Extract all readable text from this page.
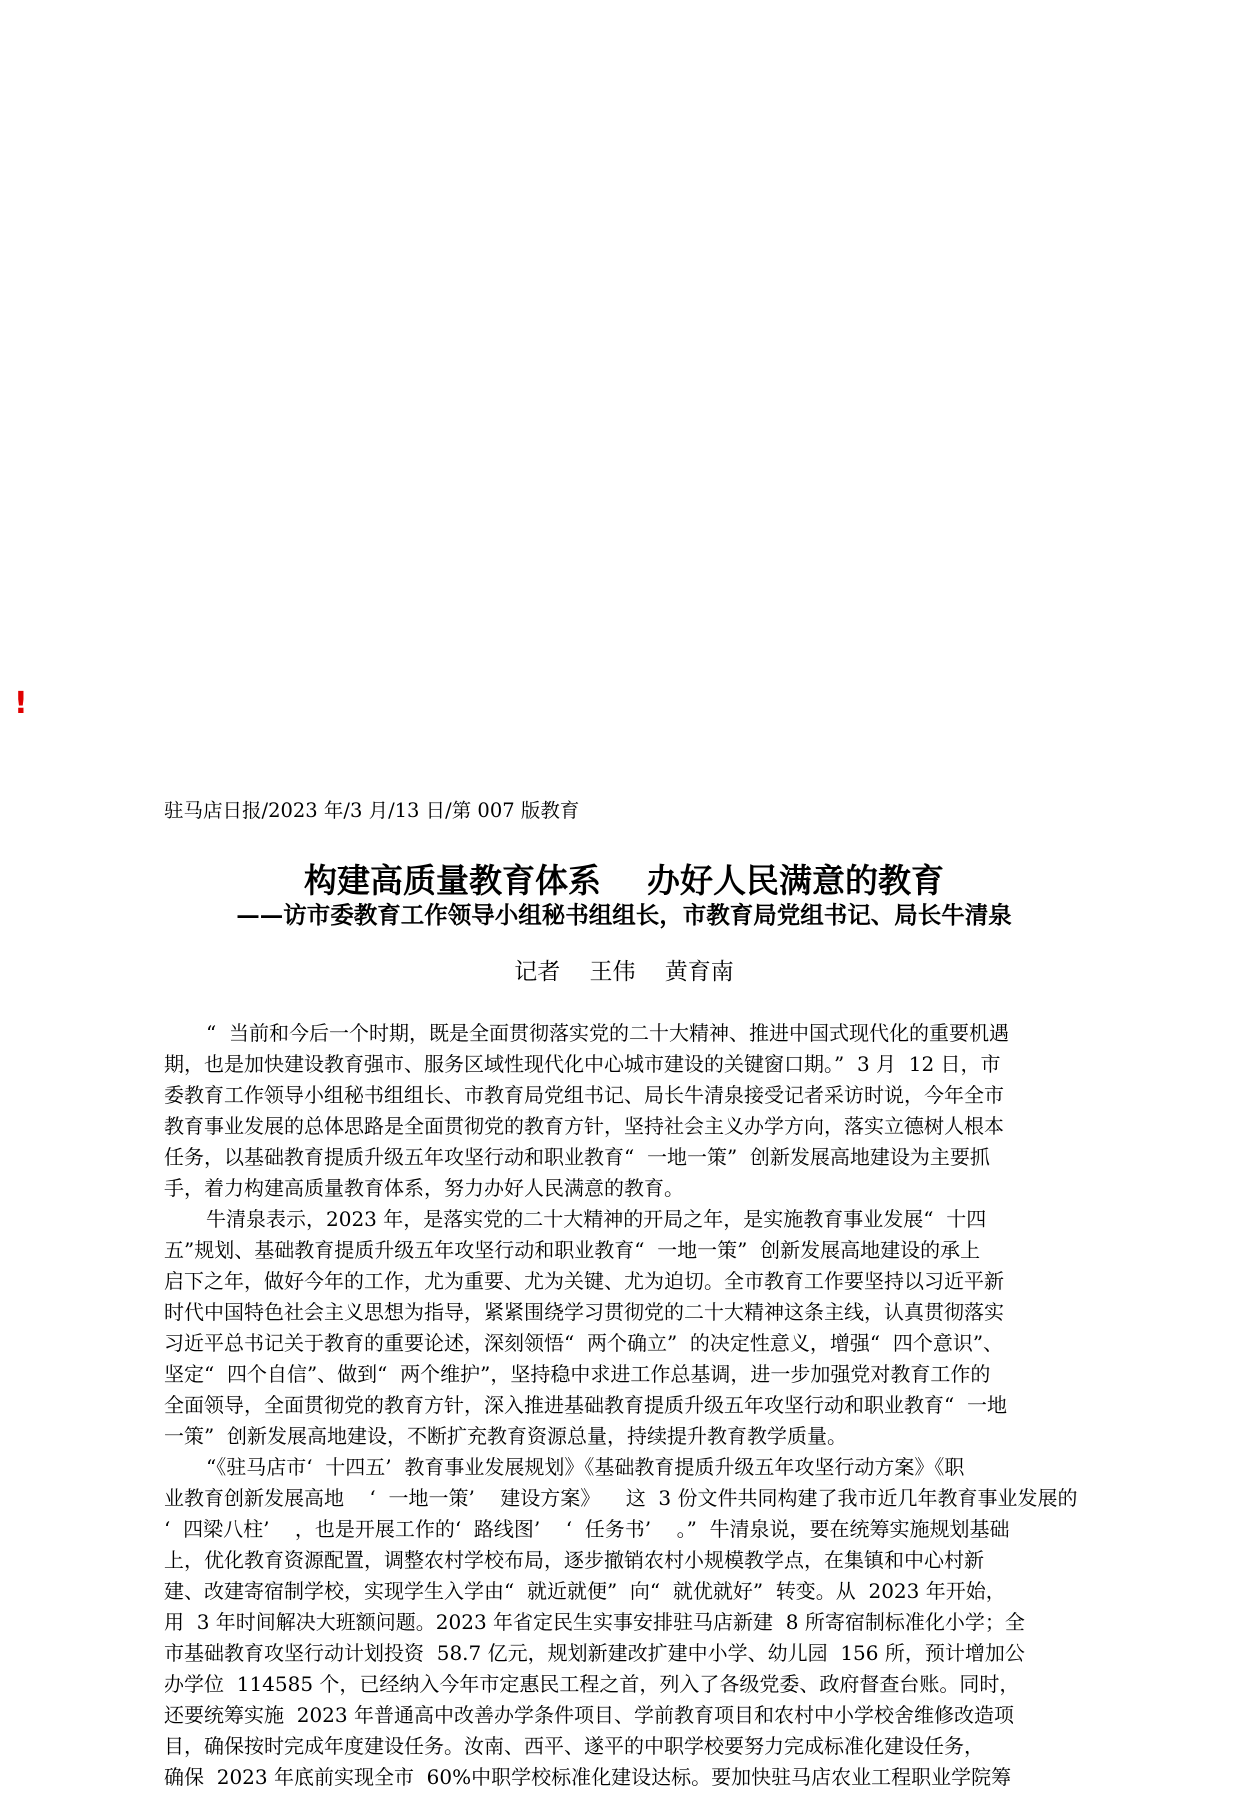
!
驻马店日报/2023 年/3 月/13 日/第 007 版教育
构建高质量教育体系    办好人民满意的教育
——访市委教育工作领导小组秘书组组长，市教育局党组书记、局长牛清泉
记者    王伟    黄育南
“  当前和今后一个时期，既是全面贯彻落实党的二十大精神、推进中国式现代化的重要机遇
期，也是加快建设教育强市、服务区域性现代化中心城市建设的关键窗口期。”  3 月  12 日，市
委教育工作领导小组秘书组组长、市教育局党组书记、局长牛清泉接受记者采访时说，今年全市
教育事业发展的总体思路是全面贯彻党的教育方针，坚持社会主义办学方向，落实立德树人根本
任务，以基础教育提质升级五年攻坚行动和职业教育“  一地一策”  创新发展高地建设为主要抓
手，着力构建高质量教育体系，努力办好人民满意的教育。
牛清泉表示，2023 年，是落实党的二十大精神的开局之年，是实施教育事业发展“  十四
五”规划、基础教育提质升级五年攻坚行动和职业教育“  一地一策”  创新发展高地建设的承上
启下之年，做好今年的工作，尤为重要、尤为关键、尤为迫切。全市教育工作要坚持以习近平新
时代中国特色社会主义思想为指导，紧紧围绕学习贯彻党的二十大精神这条主线，认真贯彻落实
习近平总书记关于教育的重要论述，深刻领悟“  两个确立”  的决定性意义，增强“  四个意识”、
坚定“  四个自信”、做到“  两个维护”，坚持稳中求进工作总基调，进一步加强党对教育工作的
全面领导，全面贯彻党的教育方针，深入推进基础教育提质升级五年攻坚行动和职业教育“  一地
一策”  创新发展高地建设，不断扩充教育资源总量，持续提升教育教学质量。
“《驻马店市‘  十四五’  教育事业发展规划》《基础教育提质升级五年攻坚行动方案》《职
业教育创新发展高地    ‘  一地一策’    建设方案》    这  3 份文件共同构建了我市近几年教育事业发展的
‘  四梁八柱’    ，也是开展工作的‘  路线图’    ‘  任务书’    。”  牛清泉说，要在统筹实施规划基础
上，优化教育资源配置，调整农村学校布局，逐步撤销农村小规模教学点，在集镇和中心村新
建、改建寄宿制学校，实现学生入学由“  就近就便”  向“  就优就好”  转变。从  2023 年开始，
用  3 年时间解决大班额问题。2023 年省定民生实事安排驻马店新建  8 所寄宿制标准化小学；全
市基础教育攻坚行动计划投资  58.7 亿元，规划新建改扩建中小学、幼儿园  156 所，预计增加公
办学位  114585 个，已经纳入今年市定惠民工程之首，列入了各级党委、政府督查台账。同时，
还要统筹实施  2023 年普通高中改善办学条件项目、学前教育项目和农村中小学校舍维修改造项
目，确保按时完成年度建设任务。汝南、西平、遂平的中职学校要努力完成标准化建设任务，
确保  2023 年底前实现全市  60%中职学校标准化建设达标。要加快驻马店农业工程职业学院筹
